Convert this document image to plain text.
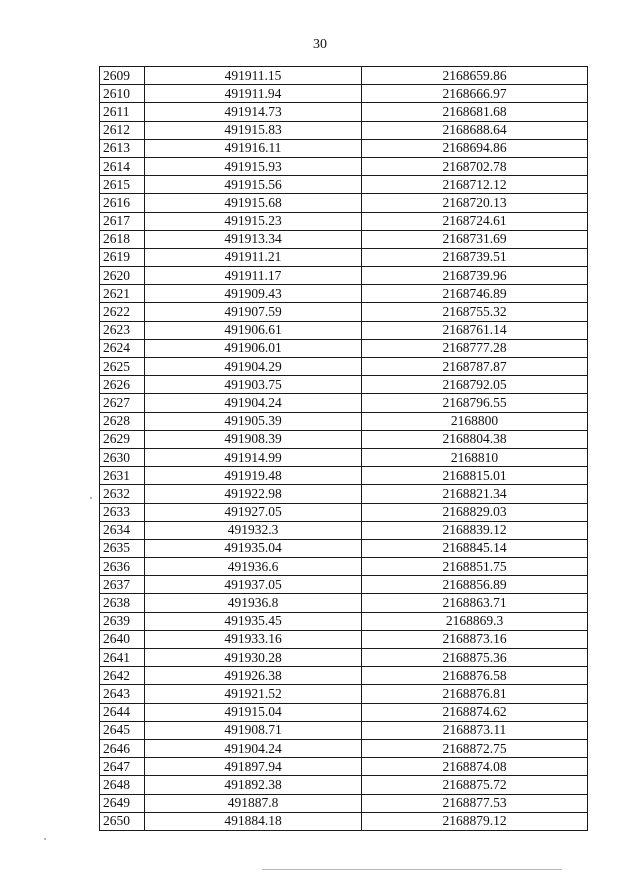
30
2609	491911.15	2168659.86
2610	491911.94	2168666.97
2611	491914.73	2168681.68
2612	491915.83	2168688.64
2613	491916.11	2168694.86
2614	491915.93	2168702.78
2615	491915.56	2168712.12
2616	491915.68	2168720.13
2617	491915.23	2168724.61
2618	491913.34	2168731.69
2619	491911.21	2168739.51
2620	491911.17	2168739.96
2621	491909.43	2168746.89
2622	491907.59	2168755.32
2623	491906.61	2168761.14
2624	491906.01	2168777.28
2625	491904.29	2168787.87
2626	491903.75	2168792.05
2627	491904.24	2168796.55
2628	491905.39	2168800
2629	491908.39	2168804.38
2630	491914.99	2168810
2631	491919.48	2168815.01
2632	491922.98	2168821.34
2633	491927.05	2168829.03
2634	491932.3	2168839.12
2635	491935.04	2168845.14
2636	491936.6	2168851.75
2637	491937.05	2168856.89
2638	491936.8	2168863.71
2639	491935.45	2168869.3
2640	491933.16	2168873.16
2641	491930.28	2168875.36
2642	491926.38	2168876.58
2643	491921.52	2168876.81
2644	491915.04	2168874.62
2645	491908.71	2168873.11
2646	491904.24	2168872.75
2647	491897.94	2168874.08
2648	491892.38	2168875.72
2649	491887.8	2168877.53
2650	491884.18	2168879.12
